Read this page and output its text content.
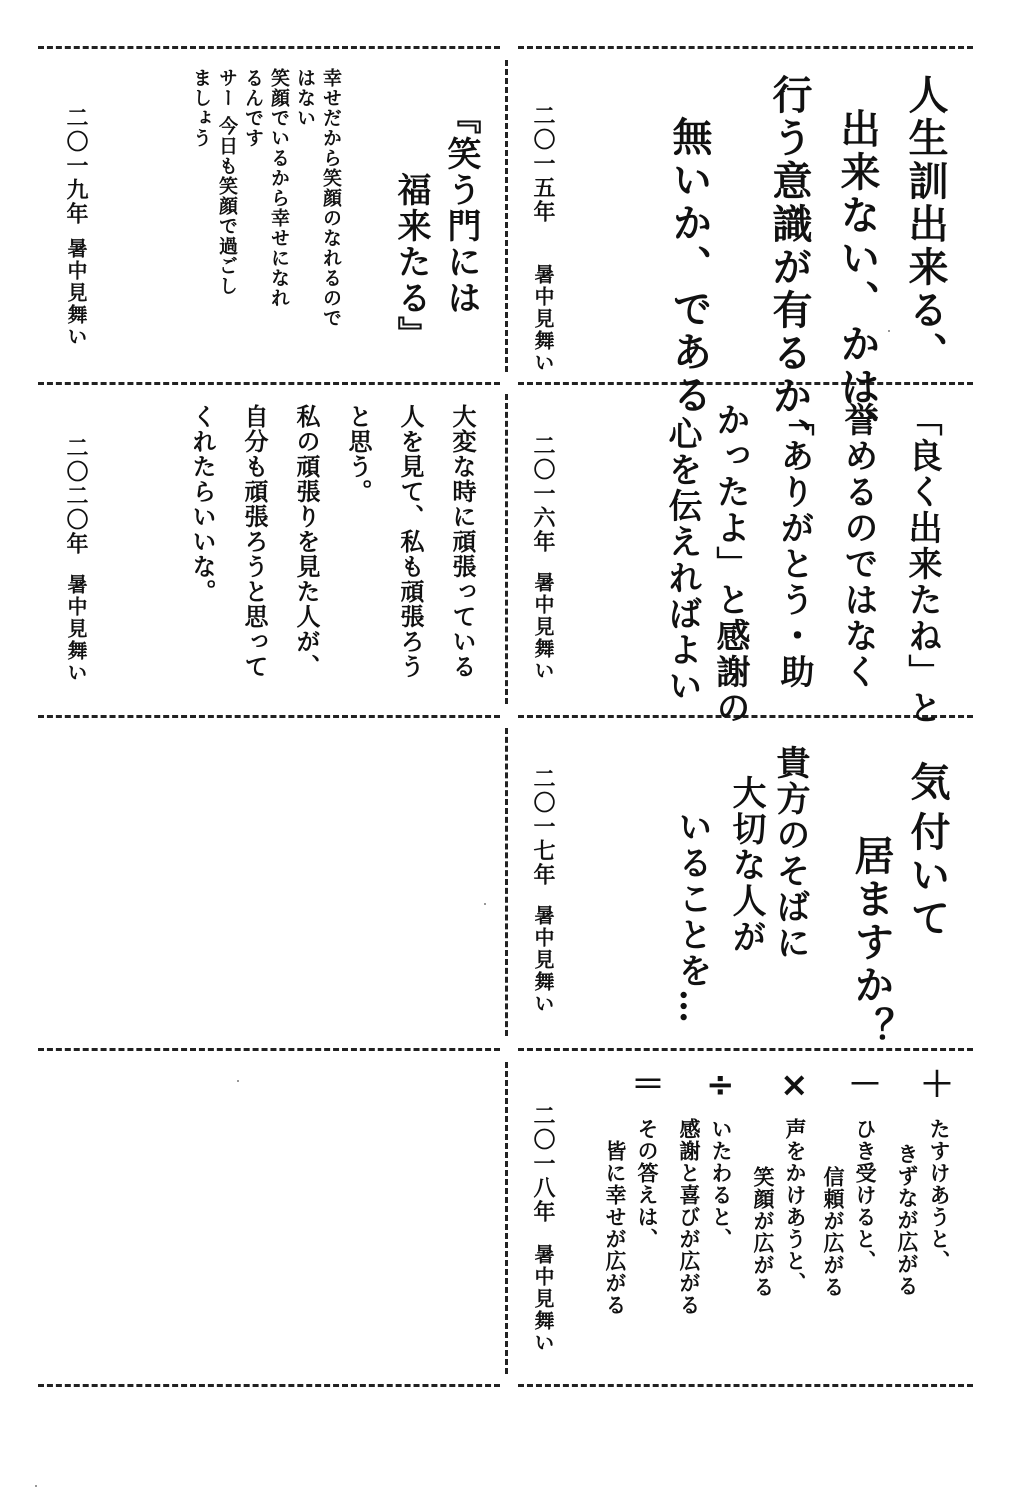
人生訓出来る、
出来ない、かは、
行う意識が有るか、
無いか、である
二〇一五年
暑中見舞い
『笑う門には
福来たる』
幸せだから笑顔のなれるので
はない
笑顔でいるから幸せになれ
るんです
サー 今日も笑顔で過ごし
ましょう
二〇一九年
暑中見舞い
「良く出来たね」と
誉めるのではなく
「ありがとう・助
かったよ」と感謝の
心を伝えればよい
二〇一六年
暑中見舞い
大変な時に頑張っている
人を見て、私も頑張ろう
と思う。
私の頑張りを見た人が、
自分も頑張ろうと思って
くれたらいいな。
二〇二〇年
暑中見舞い
気
付いて
居ますか？
貴方のそばに
大切な人が
いることを…
二〇一七年
暑中見舞い
＋
－
×
÷
＝
たすけあうと、
きずなが広がる
ひき受けると、
信頼が広がる
声をかけあうと、
笑顔が広がる
いたわると、
感謝と喜びが広がる
その答えは、
皆に幸せが広がる
二〇一八年
暑中見舞い
